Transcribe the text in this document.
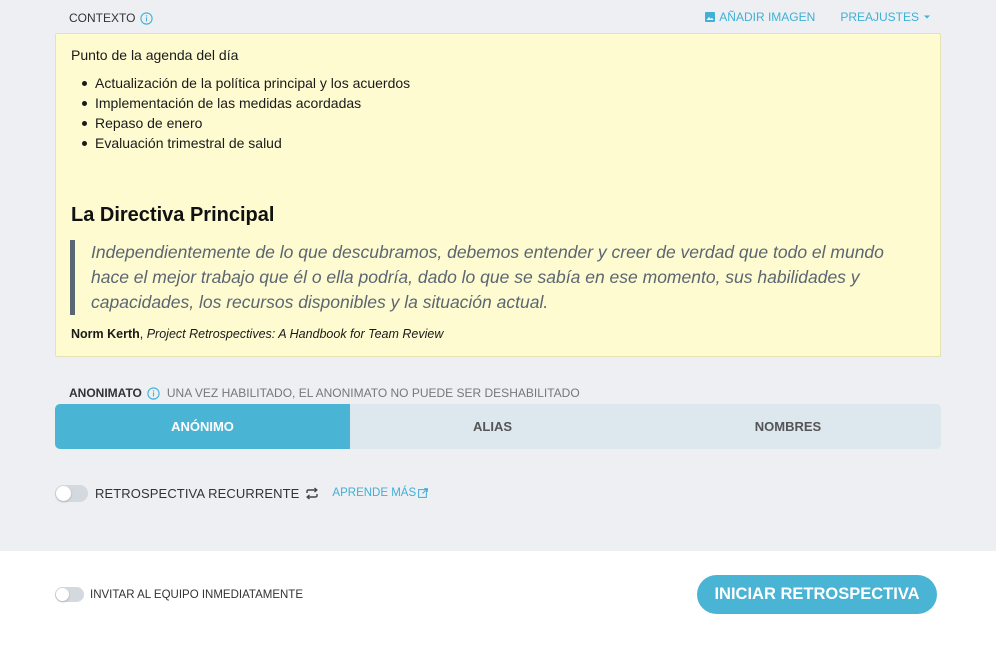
CONTEXTO	AÑADIR IMAGEN PREAJUSTES
Punto de la agenda del día
Actualización de la política principal y los acuerdos
Implementación de las medidas acordadas
Repaso de enero
Evaluación trimestral de salud
La Directiva Principal
Independientemente de lo que descubramos, debemos entender y creer de verdad que todo el mundo hace el mejor trabajo que él o ella podría, dado lo que se sabía en ese momento, sus habilidades y capacidades, los recursos disponibles y la situación actual.
Norm Kerth, Project Retrospectives: A Handbook for Team Review
ANONIMATO UNA VEZ HABILITADO, EL ANONIMATO NO PUEDE SER DESHABILITADO
ANÓNIMO	ALIAS	NOMBRES
RETROSPECTIVA RECURRENTE	APRENDE MÁS
INVITAR AL EQUIPO INMEDIATAMENTE	INICIAR RETROSPECTIVA
